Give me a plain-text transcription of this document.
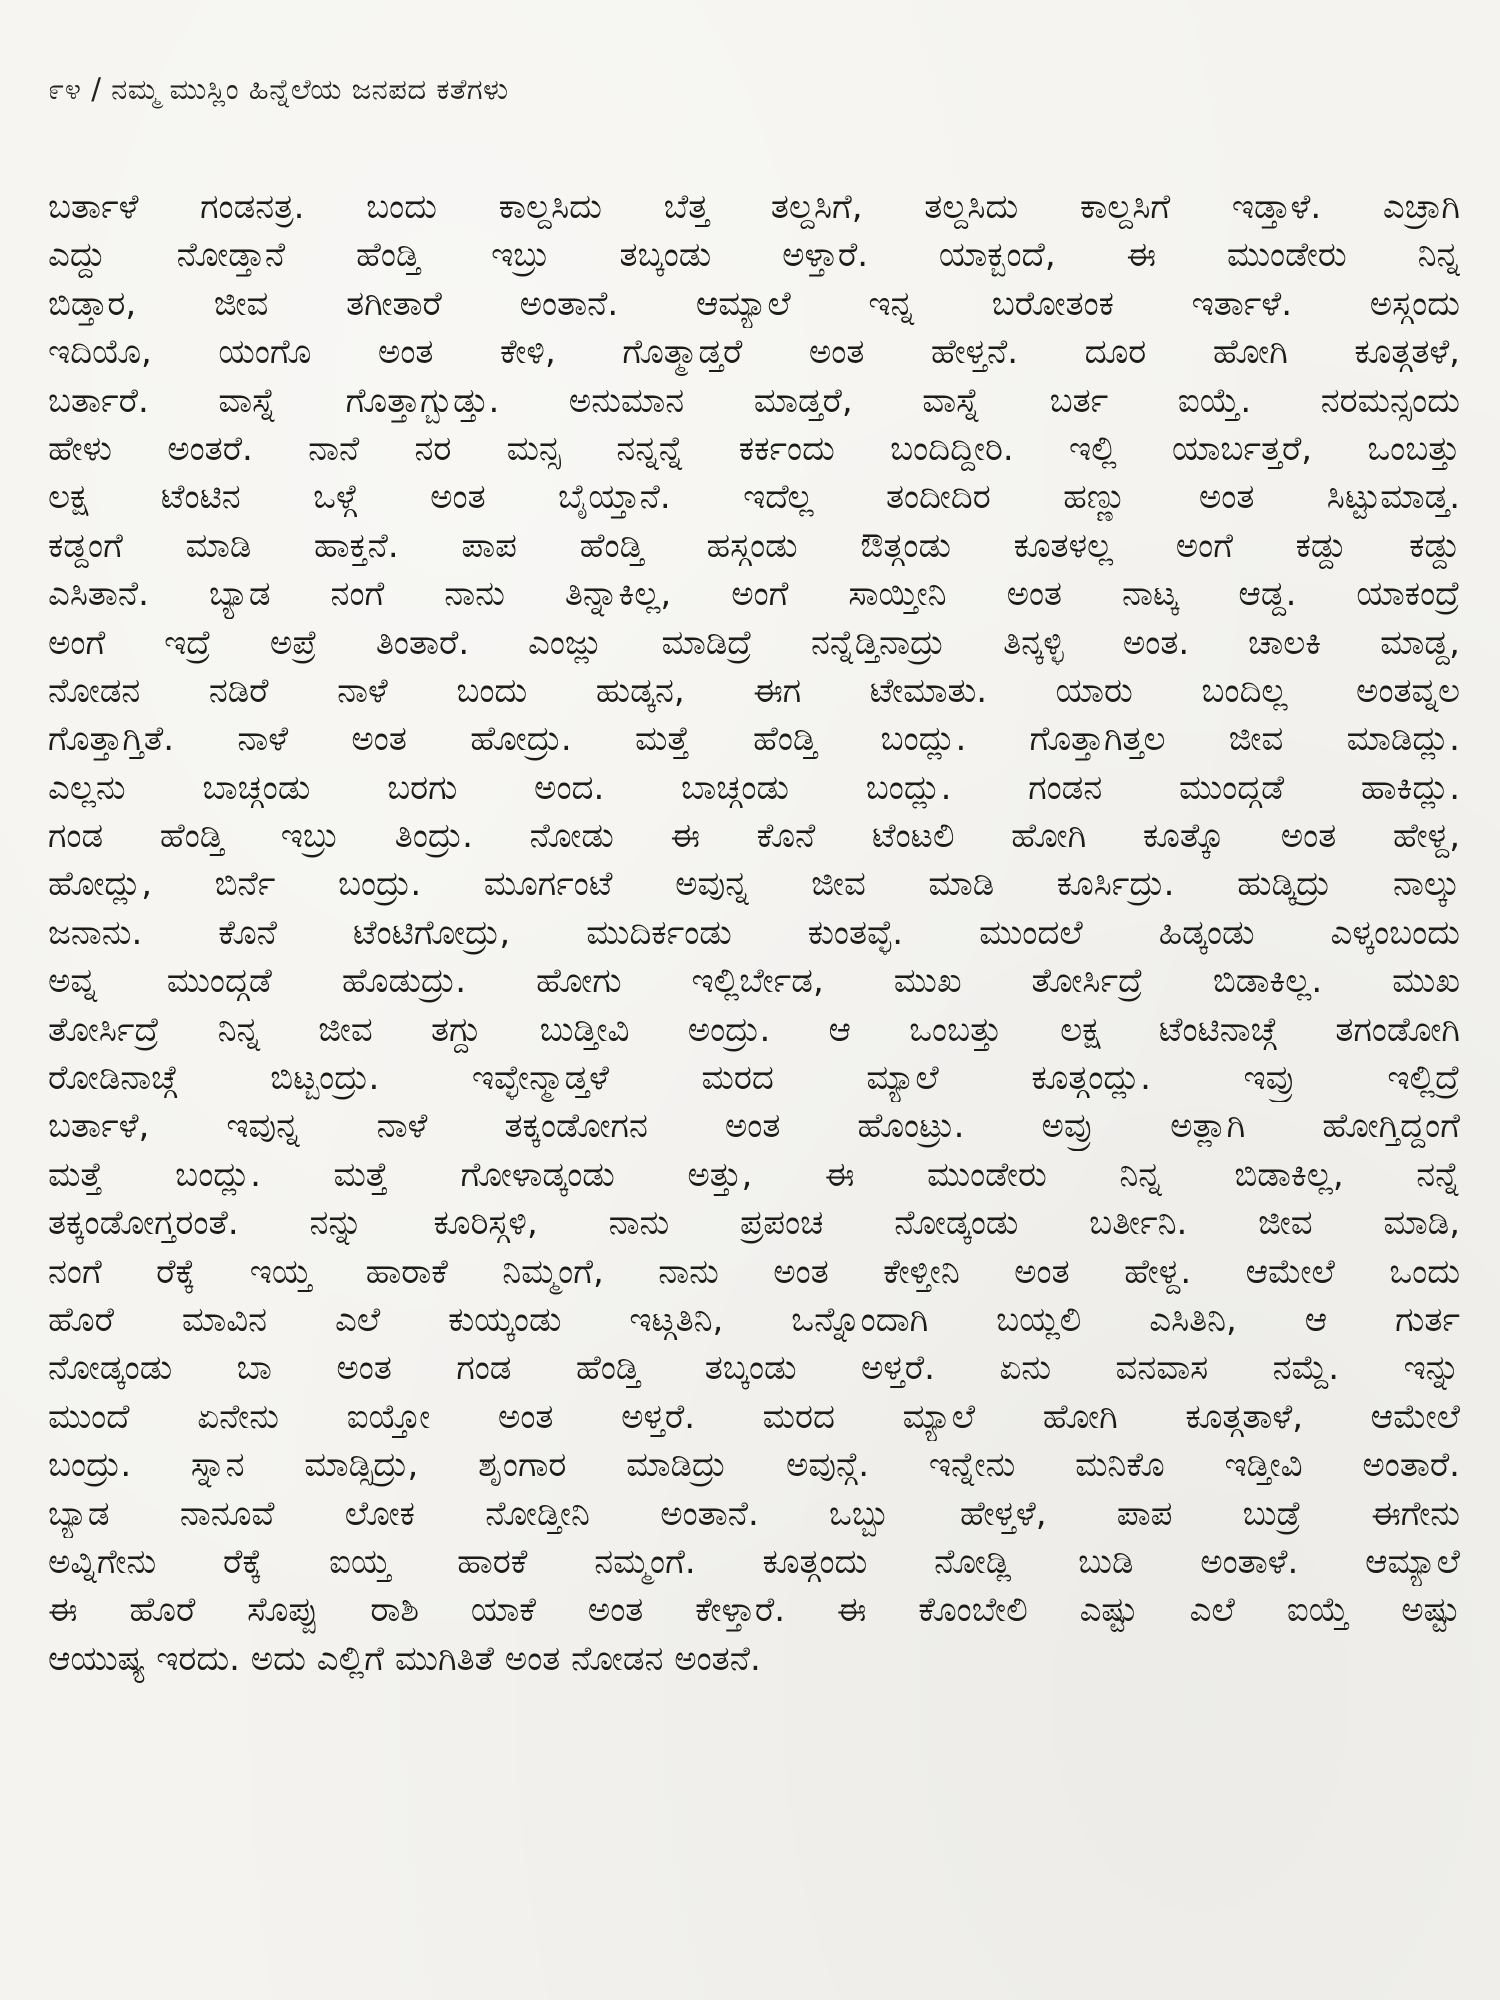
೯೪ / ನಮ್ಮ ಮುಸ್ಲಿಂ ಹಿನ್ನೆಲೆಯ ಜನಪದ ಕತೆಗಳು
ಬರ್ತಾಳೆ ಗಂಡನತ್ರ. ಬಂದು ಕಾಲ್ದಸಿದು ಬೆತ್ತ ತಲ್ದಸಿಗೆ, ತಲ್ದಸಿದು ಕಾಲ್ದಸಿಗೆ ಇಡ್ತಾಳೆ. ಎಚ್ರಾಗಿ
ಎದ್ದು ನೋಡ್ತಾನೆ ಹೆಂಡ್ತಿ ಇಬ್ರು ತಬ್ಕಂಡು ಅಳ್ತಾರೆ. ಯಾಕ್ಬಂದೆ, ಈ ಮುಂಡೇರು ನಿನ್ನ
ಬಿಡ್ತಾರ, ಜೀವ ತಗೀತಾರೆ ಅಂತಾನೆ. ಆಮ್ಯಾಲೆ ಇನ್ನ ಬರೋತಂಕ ಇರ್ತಾಳೆ. ಅಸ್ಗಂದು
ಇದಿಯೊ, ಯಂಗೊ ಅಂತ ಕೇಳಿ, ಗೊತ್ಮಾಡ್ತರೆ ಅಂತ ಹೇಳ್ತನೆ. ದೂರ ಹೋಗಿ ಕೂತ್ಗತಳೆ,
ಬರ್ತಾರೆ. ವಾಸ್ನೆ ಗೊತ್ತಾಗ್ಬುಡ್ತು. ಅನುಮಾನ ಮಾಡ್ತರೆ, ವಾಸ್ನೆ ಬರ್ತ ಐಯ್ತೆ. ನರಮನ್ಸಂದು
ಹೇಳು ಅಂತರೆ. ನಾನೆ ನರ ಮನ್ಸ ನನ್ನನ್ನೆ ಕರ್ಕಂದು ಬಂದಿದ್ದೀರಿ. ಇಲ್ಲಿ ಯಾರ್ಬತ್ತರೆ, ಒಂಬತ್ತು
ಲಕ್ಷ ಟೆಂಟಿನ ಒಳ್ಗೆ ಅಂತ ಬೈಯ್ತಾನೆ. ಇದೆಲ್ಲ ತಂದೀದಿರ ಹಣ್ಣು ಅಂತ ಸಿಟ್ಟುಮಾಡ್ತ.
ಕಡ್ದಂಗೆ ಮಾಡಿ ಹಾಕ್ತನೆ. ಪಾಪ ಹೆಂಡ್ತಿ ಹಸ್ಗಂಡು ಔತ್ಗಂಡು ಕೂತಳಲ್ಲ ಅಂಗೆ ಕಡ್ದು ಕಡ್ದು
ಎಸಿತಾನೆ. ಬ್ಯಾಡ ನಂಗೆ ನಾನು ತಿನ್ನಾಕಿಲ್ಲ, ಅಂಗೆ ಸಾಯ್ತೀನಿ ಅಂತ ನಾಟ್ಕ ಆಡ್ದ. ಯಾಕಂದ್ರೆ
ಅಂಗೆ ಇದ್ರೆ ಅಪ್ರೆ ತಿಂತಾರೆ. ಎಂಜ್ಲು ಮಾಡಿದ್ರೆ ನನ್ನೆಡ್ತಿನಾದ್ರು ತಿನ್ಕಳ್ಳಿ ಅಂತ. ಚಾಲಕಿ ಮಾಡ್ದ,
ನೋಡನ ನಡಿರೆ ನಾಳೆ ಬಂದು ಹುಡ್ಕನ, ಈಗ ಟೇಮಾತು. ಯಾರು ಬಂದಿಲ್ಲ ಅಂತವ್ನಲ
ಗೊತ್ತಾಗ್ತಿತೆ. ನಾಳೆ ಅಂತ ಹೋದ್ರು. ಮತ್ತೆ ಹೆಂಡ್ತಿ ಬಂದ್ಲು. ಗೊತ್ತಾಗಿತ್ತಲ ಜೀವ ಮಾಡಿದ್ಲು.
ಎಲ್ಲನು ಬಾಚ್ಗಂಡು ಬರಗು ಅಂದ. ಬಾಚ್ಗಂಡು ಬಂದ್ಲು. ಗಂಡನ ಮುಂದ್ಗಡೆ ಹಾಕಿದ್ಲು.
ಗಂಡ ಹೆಂಡ್ತಿ ಇಬ್ರು ತಿಂದ್ರು. ನೋಡು ಈ ಕೊನೆ ಟೆಂಟಲಿ ಹೋಗಿ ಕೂತ್ಕೊ ಅಂತ ಹೇಳ್ದ,
ಹೋದ್ಲು, ಬಿರ್ನೆ ಬಂದ್ರು. ಮೂರ್ಗಂಟೆ ಅವುನ್ನ ಜೀವ ಮಾಡಿ ಕೂರ್ಸಿದ್ರು. ಹುಡ್ಕಿದ್ರು ನಾಲ್ಕು
ಜನಾನು. ಕೊನೆ ಟೆಂಟಿಗೋದ್ರು, ಮುದಿರ್ಕಂಡು ಕುಂತವ್ಳೆ. ಮುಂದಲೆ ಹಿಡ್ಕಂಡು ಎಳ್ಕಂಬಂದು
ಅವ್ನ ಮುಂದ್ಗಡೆ ಹೊಡುದ್ರು. ಹೋಗು ಇಲ್ಲಿರ್ಬೇಡ, ಮುಖ ತೋರ್ಸಿದ್ರೆ ಬಿಡಾಕಿಲ್ಲ. ಮುಖ
ತೋರ್ಸಿದ್ರೆ ನಿನ್ನ ಜೀವ ತಗ್ದು ಬುಡ್ತೀವಿ ಅಂದ್ರು. ಆ ಒಂಬತ್ತು ಲಕ್ಷ ಟೆಂಟಿನಾಚ್ಗೆ ತಗಂಡೋಗಿ
ರೋಡಿನಾಚ್ಗೆ ಬಿಟ್ಬಂದ್ರು. ಇವ್ಳೇನ್ಮಾಡ್ತಳೆ ಮರದ ಮ್ಯಾಲೆ ಕೂತ್ಗಂದ್ಲು. ಇವ್ರು ಇಲ್ಲಿದ್ರೆ
ಬರ್ತಾಳೆ, ಇವುನ್ನ ನಾಳೆ ತಕ್ಕಂಡೋಗನ ಅಂತ ಹೊಂಟ್ರು. ಅವ್ರು ಅತ್ಲಾಗಿ ಹೋಗ್ತಿದ್ದಂಗೆ
ಮತ್ತೆ ಬಂದ್ಲು. ಮತ್ತೆ ಗೋಳಾಡ್ಕಂಡು ಅತ್ತು, ಈ ಮುಂಡೇರು ನಿನ್ನ ಬಿಡಾಕಿಲ್ಲ, ನನ್ನೆ
ತಕ್ಕಂಡೋಗ್ತರಂತೆ. ನನ್ನು ಕೂರಿಸ್ಗಳಿ, ನಾನು ಪ್ರಪಂಚ ನೋಡ್ಕಂಡು ಬರ್ತೀನಿ. ಜೀವ ಮಾಡಿ,
ನಂಗೆ ರೆಕ್ಕೆ ಇಯ್ತ ಹಾರಾಕೆ ನಿಮ್ಮಂಗೆ, ನಾನು ಅಂತ ಕೇಳ್ತೀನಿ ಅಂತ ಹೇಳ್ದ. ಆಮೇಲೆ ಒಂದು
ಹೊರೆ ಮಾವಿನ ಎಲೆ ಕುಯ್ಕಂಡು ಇಟ್ಗತಿನಿ, ಒನ್ನೊಂದಾಗಿ ಬಯ್ಲಲಿ ಎಸಿತಿನಿ, ಆ ಗುರ್ತ
ನೋಡ್ಕಂಡು ಬಾ ಅಂತ ಗಂಡ ಹೆಂಡ್ತಿ ತಬ್ಕಂಡು ಅಳ್ತರೆ. ಏನು ವನವಾಸ ನಮ್ದೆ. ಇನ್ನು
ಮುಂದೆ ಏನೇನು ಐಯ್ತೋ ಅಂತ ಅಳ್ತರೆ. ಮರದ ಮ್ಯಾಲೆ ಹೋಗಿ ಕೂತ್ಗತಾಳೆ, ಆಮೇಲೆ
ಬಂದ್ರು. ಸ್ನಾನ ಮಾಡ್ಸಿದ್ರು, ಶೃಂಗಾರ ಮಾಡಿದ್ರು ಅವುನ್ಗೆ. ಇನ್ನೇನು ಮನಿಕೊ ಇಡ್ತೀವಿ ಅಂತಾರೆ.
ಬ್ಯಾಡ ನಾನೂವೆ ಲೋಕ ನೋಡ್ತೀನಿ ಅಂತಾನೆ. ಒಬ್ಬು ಹೇಳ್ತಳೆ, ಪಾಪ ಬುಡ್ರೆ ಈಗೇನು
ಅವ್ನಿಗೇನು ರೆಕ್ಕೆ ಐಯ್ತ ಹಾರಕೆ ನಮ್ಮಂಗೆ. ಕೂತ್ಗಂದು ನೋಡ್ಲಿ ಬುಡಿ ಅಂತಾಳೆ. ಆಮ್ಯಾಲೆ
ಈ ಹೊರೆ ಸೊಪ್ಪು ರಾಶಿ ಯಾಕೆ ಅಂತ ಕೇಳ್ತಾರೆ. ಈ ಕೊಂಬೇಲಿ ಎಷ್ಟು ಎಲೆ ಐಯ್ತೆ ಅಷ್ಟು
ಆಯುಷ್ಯ ಇರದು. ಅದು ಎಲ್ಲಿಗೆ ಮುಗಿತಿತೆ ಅಂತ ನೋಡನ ಅಂತನೆ.
